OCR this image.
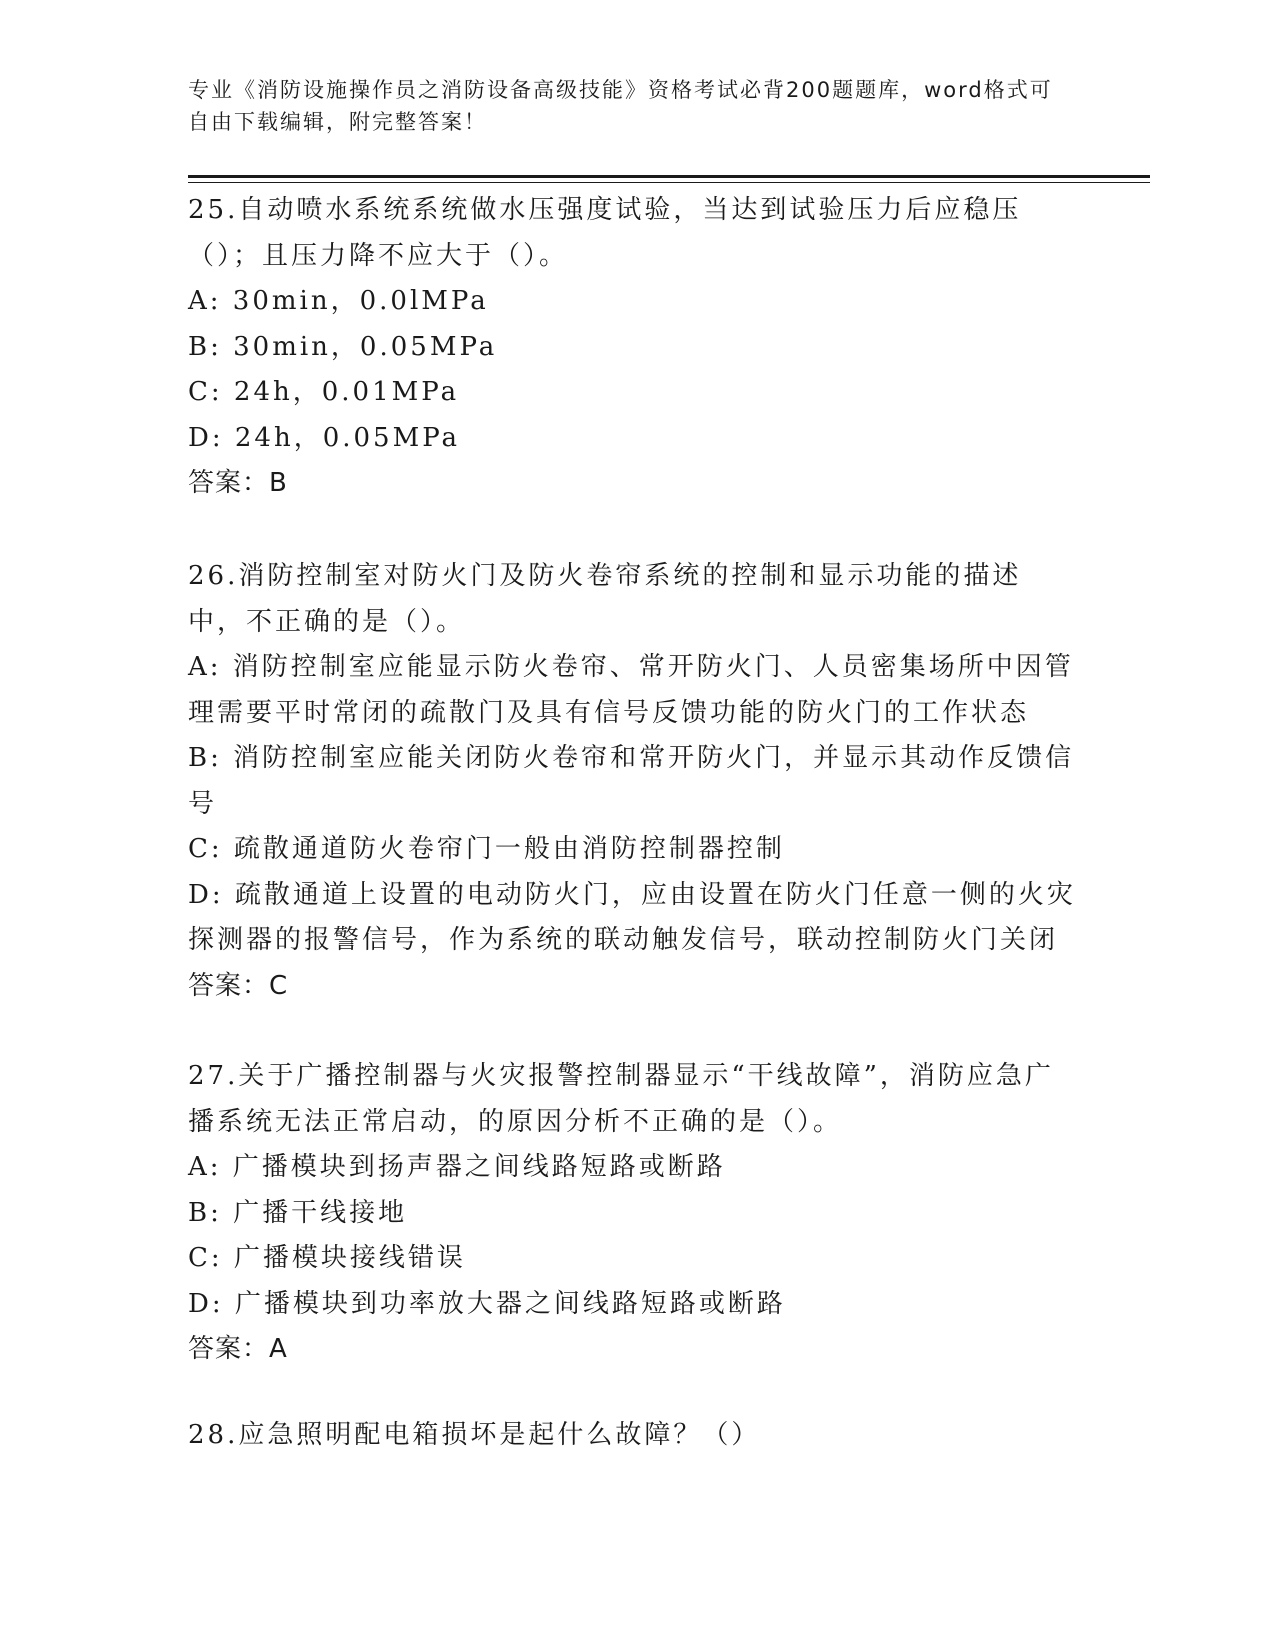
专业《消防设施操作员之消防设备高级技能》资格考试必背200题题库，word格式可自由下载编辑，附完整答案！

25.自动喷水系统系统做水压强度试验，当达到试验压力后应稳压（）；且压力降不应大于（）。

A: 30min，0.0lMPa

B: 30min，0.05MPa

C: 24h，0.01MPa

D: 24h，0.05MPa

答案：B

26.消防控制室对防火门及防火卷帘系统的控制和显示功能的描述中，不正确的是（）。

A: 消防控制室应能显示防火卷帘、常开防火门、人员密集场所中因管理需要平时常闭的疏散门及具有信号反馈功能的防火门的工作状态

B: 消防控制室应能关闭防火卷帘和常开防火门，并显示其动作反馈信号

C: 疏散通道防火卷帘门一般由消防控制器控制

D: 疏散通道上设置的电动防火门，应由设置在防火门任意一侧的火灾探测器的报警信号，作为系统的联动触发信号，联动控制防火门关闭

答案：C

27.关于广播控制器与火灾报警控制器显示“干线故障”，消防应急广播系统无法正常启动，的原因分析不正确的是（）。

A: 广播模块到扬声器之间线路短路或断路

B: 广播干线接地

C: 广播模块接线错误

D: 广播模块到功率放大器之间线路短路或断路

答案：A

28.应急照明配电箱损坏是起什么故障？（）
